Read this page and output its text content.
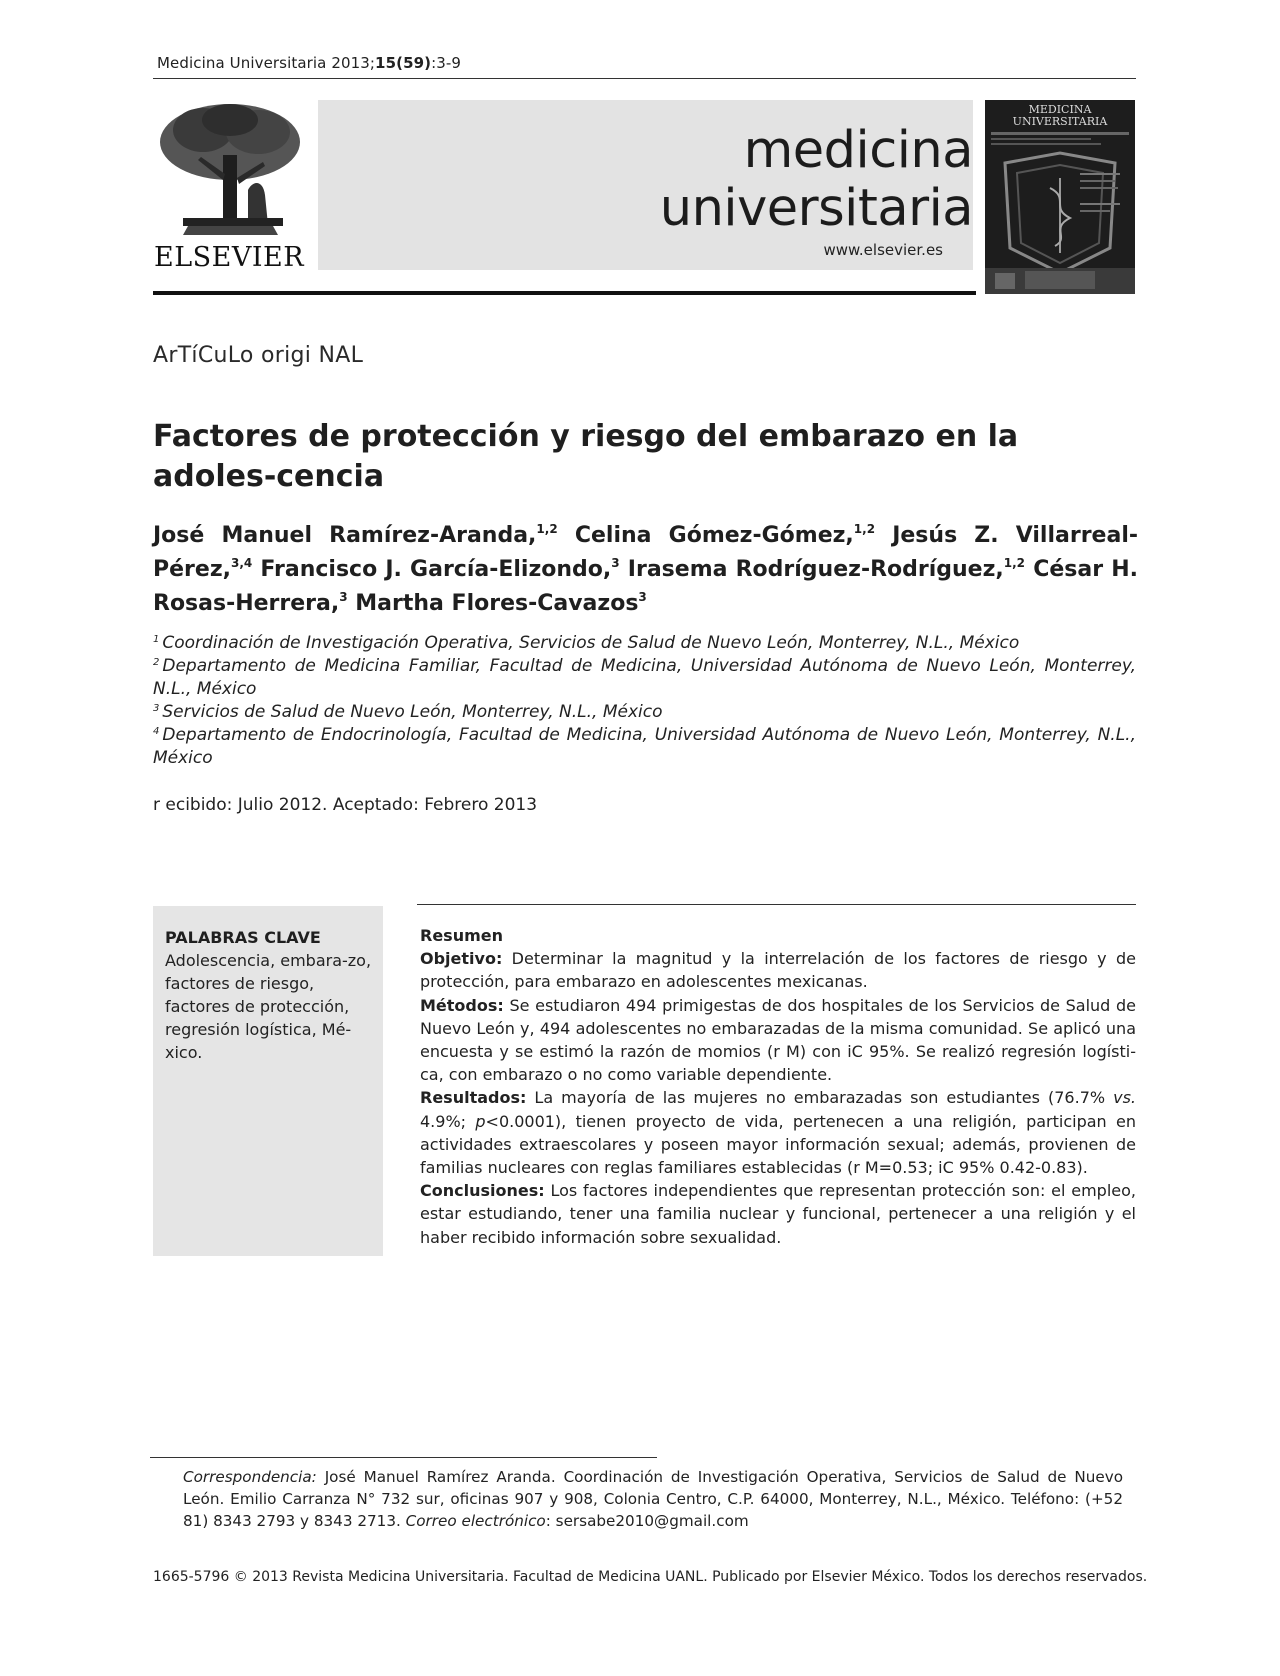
Medicina Universitaria 2013;15(59):3-9
ELSEVIER
medicina
universitaria
www.elsevier.es
MEDICINA
UNIVERSITARIA
ArTíCuLo origi NAL
Factores de protección y riesgo del embarazo en la adoles-cencia
José Manuel Ramírez-Aranda,$^{1,2}$ Celina Gómez-Gómez,$^{1,2}$ Jesús Z. Villarreal-Pérez,$^{3,4}$ Francisco J. García-Elizondo,$^3$ Irasema Rodríguez-Rodríguez,$^{1,2}$ César H. Rosas-Herrera,$^3$ Martha Flores-Cavazos$^3$
$^1$ Coordinación de Investigación Operativa, Servicios de Salud de Nuevo León, Monterrey, N.L., México
$^2$ Departamento de Medicina Familiar, Facultad de Medicina, Universidad Autónoma de Nuevo León, Monterrey, N.L., México
$^3$ Servicios de Salud de Nuevo León, Monterrey, N.L., México
$^4$ Departamento de Endocrinología, Facultad de Medicina, Universidad Autónoma de Nuevo León, Monterrey, N.L., México
r ecibido: Julio 2012. Aceptado: Febrero 2013
PALABRAS CLAVE
Adolescencia, embara-zo, factores de riesgo, factores de protección, regresión logística, Mé-xico.
Resumen

Objetivo: Determinar la magnitud y la interrelación de los factores de riesgo y de protección, para embarazo en adolescentes mexicanas.

Métodos: Se estudiaron 494 primigestas de dos hospitales de los Servicios de Salud de Nuevo León y, 494 adolescentes no embarazadas de la misma comunidad. Se aplicó una encuesta y se estimó la razón de momios (r M) con iC 95%. Se realizó regresión logísti-ca, con embarazo o no como variable dependiente.

Resultados: La mayoría de las mujeres no embarazadas son estudiantes (76.7% vs. 4.9%; p<0.0001), tienen proyecto de vida, pertenecen a una religión, participan en actividades extraescolares y poseen mayor información sexual; además, provienen de familias nucleares con reglas familiares establecidas (r M=0.53; iC 95% 0.42-0.83).

Conclusiones: Los factores independientes que representan protección son: el empleo, estar estudiando, tener una familia nuclear y funcional, pertenecer a una religión y el haber recibido información sobre sexualidad.

Correspondencia: José Manuel Ramírez Aranda. Coordinación de Investigación Operativa, Servicios de Salud de Nuevo León. Emilio Carranza N° 732 sur, oficinas 907 y 908, Colonia Centro, C.P. 64000, Monterrey, N.L., México. Teléfono: (+52 81) 8343 2793 y 8343 2713. Correo electrónico: sersabe2010@gmail.com
1665-5796 © 2013 Revista Medicina Universitaria. Facultad de Medicina UANL. Publicado por Elsevier México. Todos los derechos reservados.
